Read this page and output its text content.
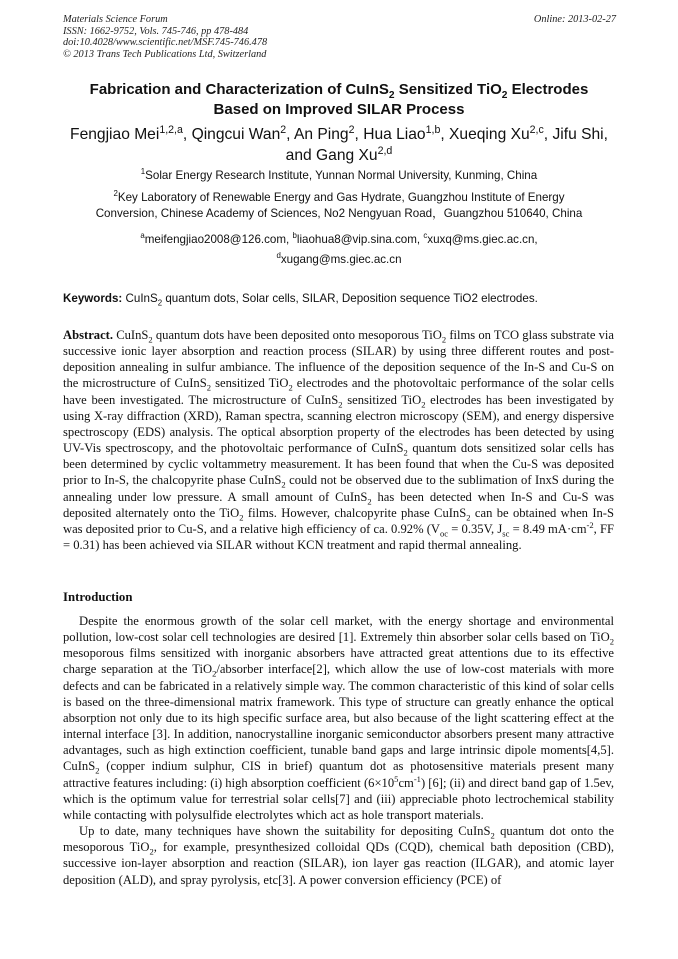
Materials Science Forum
ISSN: 1662-9752, Vols. 745-746, pp 478-484
doi:10.4028/www.scientific.net/MSF.745-746.478
© 2013 Trans Tech Publications Ltd, Switzerland
Online: 2013-02-27
Fabrication and Characterization of CuInS$_2$ Sensitized TiO$_2$ Electrodes
Based on Improved SILAR Process
Fengjiao Mei$^{1,2,a}$, Qingcui Wan$^2$, An Ping$^2$, Hua Liao$^{1,b}$, Xueqing Xu$^{2,c}$, Jifu Shi,
and Gang Xu$^{2,d}$
$^1$Solar Energy Research Institute, Yunnan Normal University, Kunming, China
$^2$Key Laboratory of Renewable Energy and Gas Hydrate, Guangzhou Institute of Energy
Conversion, Chinese Academy of Sciences, No2 Nengyuan Road，Guangzhou 510640, China
$^a$meifengjiao2008@126.com, $^b$liaohua8@vip.sina.com, $^c$xuxq@ms.giec.ac.cn,
$^d$xugang@ms.giec.ac.cn
Keywords: CuInS$_2$ quantum dots, Solar cells, SILAR, Deposition sequence TiO2 electrodes.
Abstract. CuInS$_2$ quantum dots have been deposited onto mesoporous TiO$_2$ films on TCO glass substrate via successive ionic layer absorption and reaction process (SILAR) by using three different routes and post-deposition annealing in sulfur ambiance. The influence of the deposition sequence of the In-S and Cu-S on the microstructure of CuInS$_2$ sensitized TiO$_2$ electrodes and the photovoltaic performance of the solar cells have been investigated. The microstructure of CuInS$_2$ sensitized TiO$_2$ electrodes has been investigated by using X-ray diffraction (XRD), Raman spectra, scanning electron microscopy (SEM), and energy dispersive spectroscopy (EDS) analysis. The optical absorption property of the electrodes has been detected by using UV-Vis spectroscopy, and the photovoltaic performance of CuInS$_2$ quantum dots sensitized solar cells has been determined by cyclic voltammetry measurement. It has been found that when the Cu-S was deposited prior to In-S, the chalcopyrite phase CuInS$_2$ could not be observed due to the sublimation of InxS during the annealing under low pressure. A small amount of CuInS$_2$ has been detected when In-S and Cu-S was deposited alternately onto the TiO$_2$ films. However, chalcopyrite phase CuInS$_2$ can be obtained when In-S was deposited prior to Cu-S, and a relative high efficiency of ca. 0.92% ($V_{oc} = 0.35V$, $J_{sc} = 8.49$ $mA\cdot cm^{-2}$, FF = 0.31) has been achieved via SILAR without KCN treatment and rapid thermal annealing.
Introduction

Despite the enormous growth of the solar cell market, with the energy shortage and environmental pollution, low-cost solar cell technologies are desired [1]. Extremely thin absorber solar cells based on TiO$_2$ mesoporous films sensitized with inorganic absorbers have attracted great attentions due to its effective charge separation at the TiO$_2$/absorber interface[2], which allow the use of low-cost materials with more defects and can be fabricated in a relatively simple way. The common characteristic of this kind of solar cells is based on the three-dimensional matrix framework. This type of structure can greatly enhance the optical absorption not only due to its high specific surface area, but also because of the light scattering effect at the internal interface [3]. In addition, nanocrystalline inorganic semiconductor absorbers present many attractive advantages, such as high extinction coefficient, tunable band gaps and large intrinsic dipole moments[4,5]. CuInS$_2$ (copper indium sulphur, CIS in brief) quantum dot as photosensitive materials present many attractive features including: (i) high absorption coefficient $(6\times 10^5cm^{-1})$ [6]; (ii) and direct band gap of 1.5ev, which is the optimum value for terrestrial solar cells[7] and (iii) appreciable photo lectrochemical stability while contacting with polysulfide electrolytes which act as hole transport materials.

Up to date, many techniques have shown the suitability for depositing CuInS$_2$ quantum dot onto the mesoporous TiO$_2$, for example, presynthesized colloidal QDs (CQD), chemical bath deposition (CBD), successive ion-layer absorption and reaction (SILAR), ion layer gas reaction (ILGAR), and atomic layer deposition (ALD), and spray pyrolysis, etc[3]. A power conversion efficiency (PCE) of
